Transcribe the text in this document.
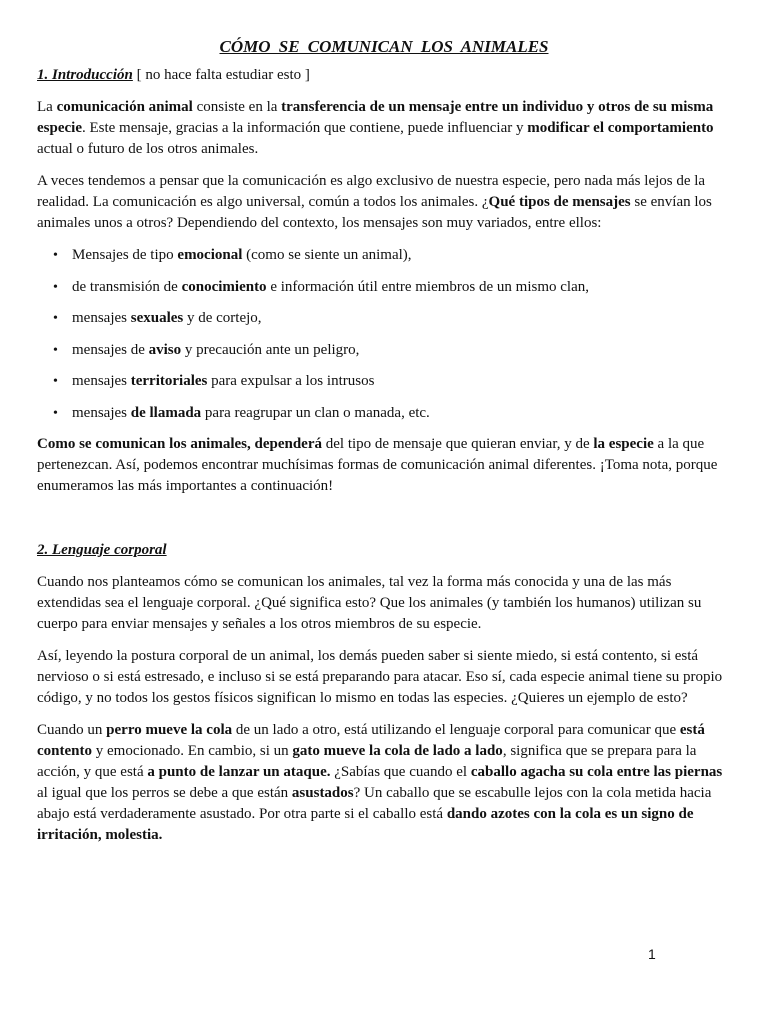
CÓMO SE COMUNICAN LOS ANIMALES
1. Introducción [ no hace falta estudiar esto ]

La comunicación animal consiste en la transferencia de un mensaje entre un individuo y otros de su misma especie. Este mensaje, gracias a la información que contiene, puede influenciar y modificar el comportamiento actual o futuro de los otros animales.

A veces tendemos a pensar que la comunicación es algo exclusivo de nuestra especie, pero nada más lejos de la realidad. La comunicación es algo universal, común a todos los animales. ¿Qué tipos de mensajes se envían los animales unos a otros? Dependiendo del contexto, los mensajes son muy variados, entre ellos:

• Mensajes de tipo emocional (como se siente un animal),
• de transmisión de conocimiento e información útil entre miembros de un mismo clan,
• mensajes sexuales y de cortejo,
• mensajes de aviso y precaución ante un peligro,
• mensajes territoriales para expulsar a los intrusos
• mensajes de llamada para reagrupar un clan o manada, etc.

Como se comunican los animales, dependerá del tipo de mensaje que quieran enviar, y de la especie a la que pertenezcan. Así, podemos encontrar muchísimas formas de comunicación animal diferentes. ¡Toma nota, porque enumeramos las más importantes a continuación!

2. Lenguaje corporal

Cuando nos planteamos cómo se comunican los animales, tal vez la forma más conocida y una de las más extendidas sea el lenguaje corporal. ¿Qué significa esto? Que los animales (y también los humanos) utilizan su cuerpo para enviar mensajes y señales a los otros miembros de su especie.

Así, leyendo la postura corporal de un animal, los demás pueden saber si siente miedo, si está contento, si está nervioso o si está estresado, e incluso si se está preparando para atacar. Eso sí, cada especie animal tiene su propio código, y no todos los gestos físicos significan lo mismo en todas las especies. ¿Quieres un ejemplo de esto?

Cuando un perro mueve la cola de un lado a otro, está utilizando el lenguaje corporal para comunicar que está contento y emocionado. En cambio, si un gato mueve la cola de lado a lado, significa que se prepara para la acción, y que está a punto de lanzar un ataque. ¿Sabías que cuando el caballo agacha su cola entre las piernas al igual que los perros se debe a que están asustados? Un caballo que se escabulle lejos con la cola metida hacia abajo está verdaderamente asustado. Por otra parte si el caballo está dando azotes con la cola es un signo de irritación, molestia.

1
